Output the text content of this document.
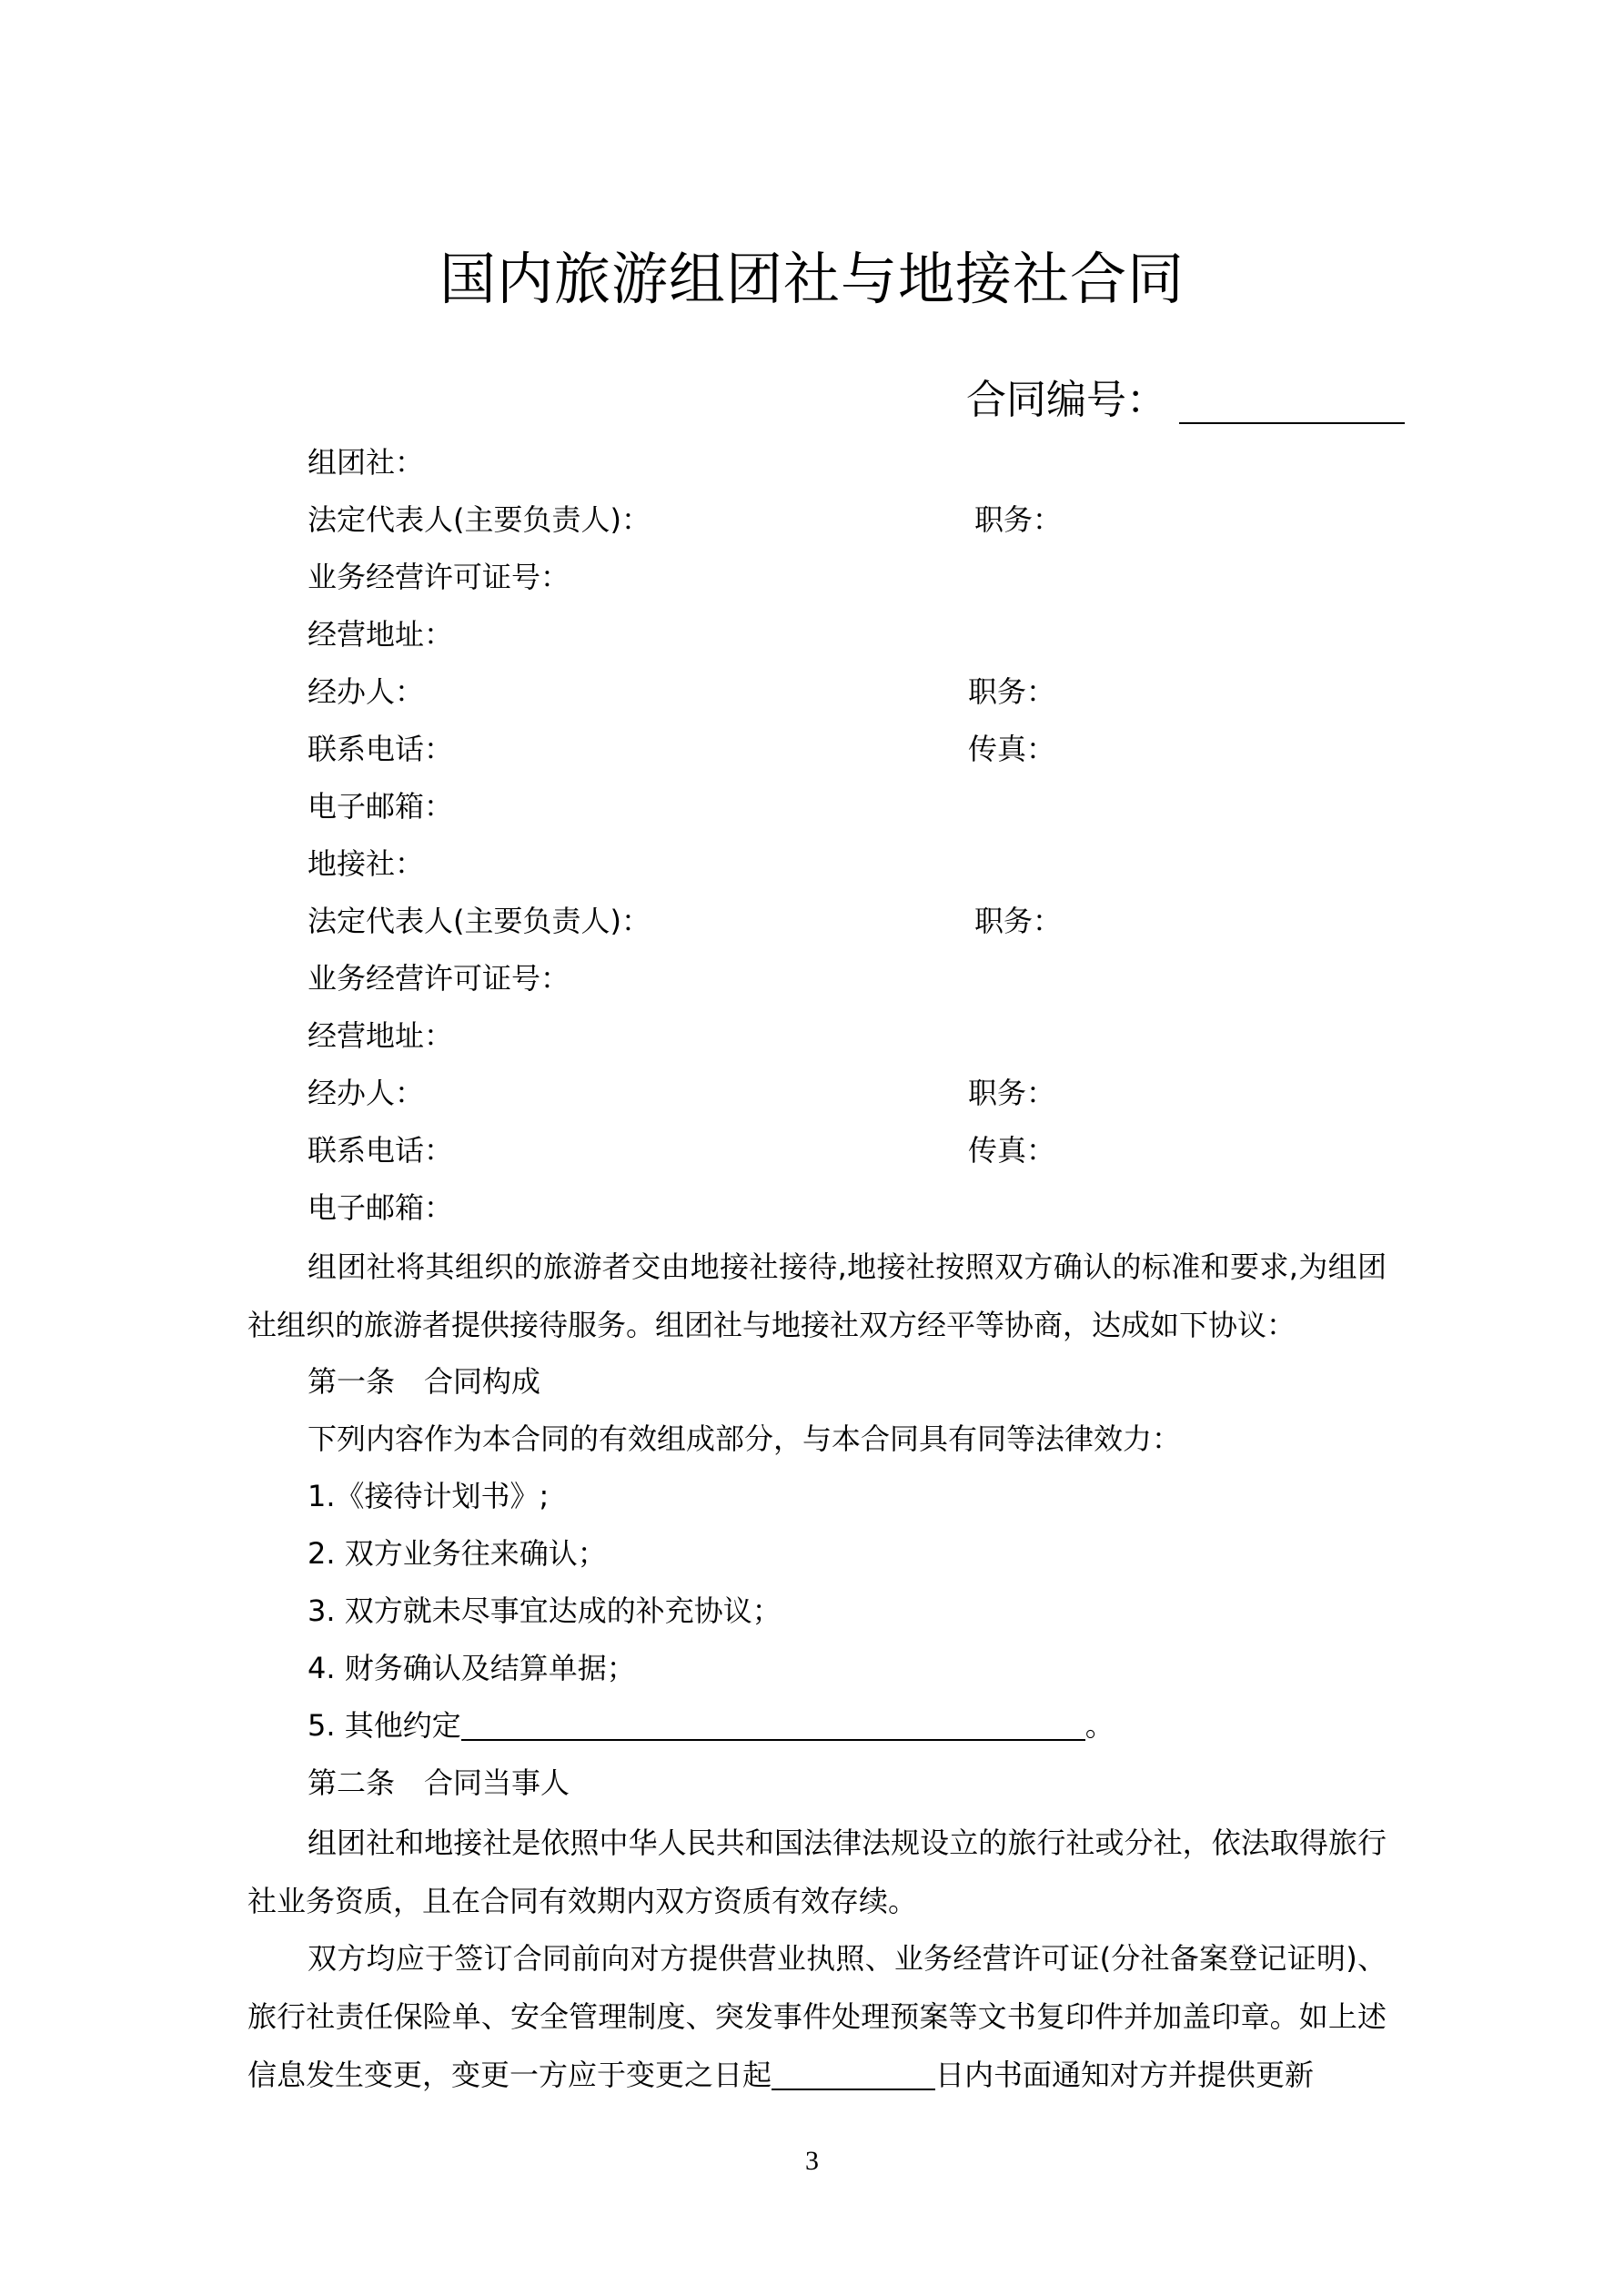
国内旅游组团社与地接社合同
合同编号：
组团社：
法定代表人(主要负责人)：	职务：
业务经营许可证号：
经营地址：
经办人：	职务：
联系电话：	传真：
电子邮箱：
地接社：
法定代表人(主要负责人)：	职务：
业务经营许可证号：
经营地址：
经办人：	职务：
联系电话：	传真：
电子邮箱：
组团社将其组织的旅游者交由地接社接待,地接社按照双方确认的标准和要求,为组团社组织的旅游者提供接待服务。组团社与地接社双方经平等协商，达成如下协议：
第一条　合同构成
下列内容作为本合同的有效组成部分，与本合同具有同等法律效力：
1.《接待计划书》;
2. 双方业务往来确认；
3. 双方就未尽事宜达成的补充协议；
4. 财务确认及结算单据；
5. 其他约定	。
第二条　合同当事人
组团社和地接社是依照中华人民共和国法律法规设立的旅行社或分社，依法取得旅行社业务资质，且在合同有效期内双方资质有效存续。
双方均应于签订合同前向对方提供营业执照、业务经营许可证(分社备案登记证明)、旅行社责任保险单、安全管理制度、突发事件处理预案等文书复印件并加盖印章。如上述信息发生变更，变更一方应于变更之日起	日内书面通知对方并提供更新
3
